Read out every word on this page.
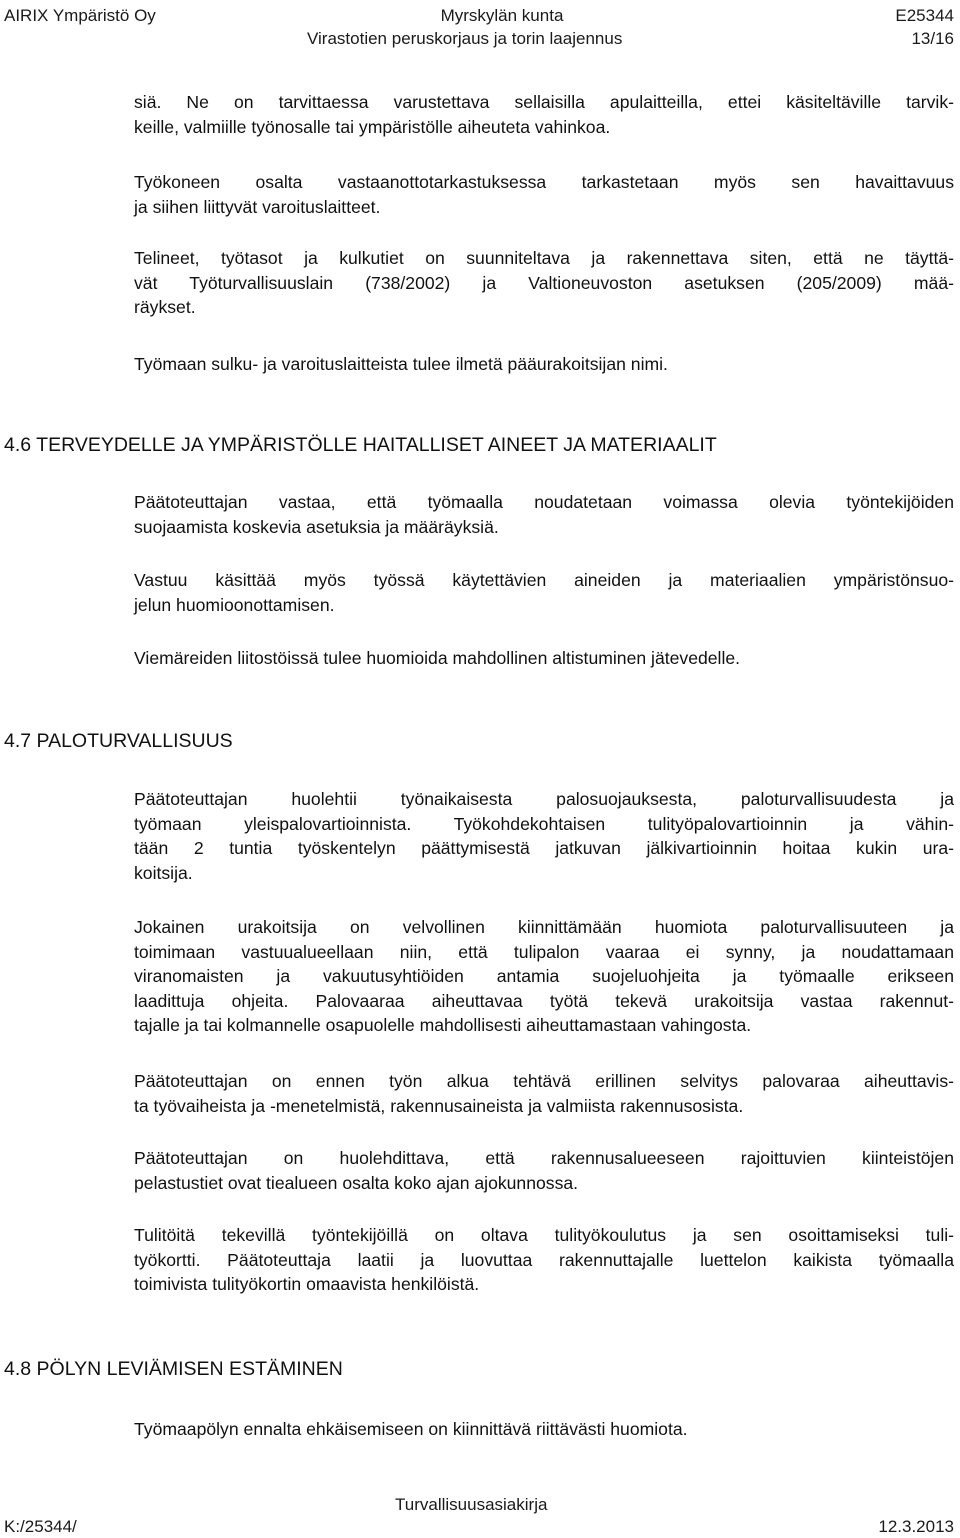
AIRIX Ympäristö Oy	Myrskylän kunta
Virastotien peruskorjaus ja torin laajennus
E25344
13/16

siä. Ne on tarvittaessa varustettava sellaisilla apulaitteilla, ettei käsiteltäville tarvik-
keille, valmiille työnosalle tai ympäristölle aiheuteta vahinkoa.

Työkoneen osalta vastaanottotarkastuksessa tarkastetaan myös sen havaittavuus
ja siihen liittyvät varoituslaitteet.

Telineet, työtasot ja kulkutiet on suunniteltava ja rakennettava siten, että ne täyttä-
vät Työturvallisuuslain (738/2002) ja Valtioneuvoston asetuksen (205/2009) mää-
räykset.

Työmaan sulku- ja varoituslaitteista tulee ilmetä pääurakoitsijan nimi.

4.6 TERVEYDELLE JA YMPÄRISTÖLLE HAITALLISET AINEET JA MATERIAALIT

Päätoteuttajan vastaa, että työmaalla noudatetaan voimassa olevia työntekijöiden
suojaamista koskevia asetuksia ja määräyksiä.

Vastuu käsittää myös työssä käytettävien aineiden ja materiaalien ympäristönsuo-
jelun huomioonottamisen.

Viemäreiden liitostöissä tulee huomioida mahdollinen altistuminen jätevedelle.

4.7 PALOTURVALLISUUS

Päätoteuttajan huolehtii työnaikaisesta palosuojauksesta, paloturvallisuudesta ja
työmaan yleispalovartioinnista. Työkohdekohtaisen tulityöpalovartioinnin ja vähin-
tään 2 tuntia työskentelyn päättymisestä jatkuvan jälkivartioinnin hoitaa kukin ura-
koitsija.

Jokainen urakoitsija on velvollinen kiinnittämään huomiota paloturvallisuuteen ja
toimimaan vastuualueellaan niin, että tulipalon vaaraa ei synny, ja noudattamaan
viranomaisten ja vakuutusyhtiöiden antamia suojeluohjeita ja työmaalle erikseen
laadittuja ohjeita. Palovaaraa aiheuttavaa työtä tekevä urakoitsija vastaa rakennut-
tajalle ja tai kolmannelle osapuolelle mahdollisesti aiheuttamastaan vahingosta.

Päätoteuttajan on ennen työn alkua tehtävä erillinen selvitys palovaraa aiheuttavis-
ta työvaiheista ja -menetelmistä, rakennusaineista ja valmiista rakennusosista.

Päätoteuttajan on huolehdittava, että rakennusalueeseen rajoittuvien kiinteistöjen
pelastustiet ovat tiealueen osalta koko ajan ajokunnossa.

Tulitöitä tekevillä työntekijöillä on oltava tulityökoulutus ja sen osoittamiseksi tuli-
työkortti. Päätoteuttaja laatii ja luovuttaa rakennuttajalle luettelon kaikista työmaalla
toimivista tulityökortin omaavista henkilöistä.

4.8 PÖLYN LEVIÄMISEN ESTÄMINEN

Työmaapölyn ennalta ehkäisemiseen on kiinnittävä riittävästi huomiota.

Turvallisuusasiakirja
K:/25344/	12.3.2013
